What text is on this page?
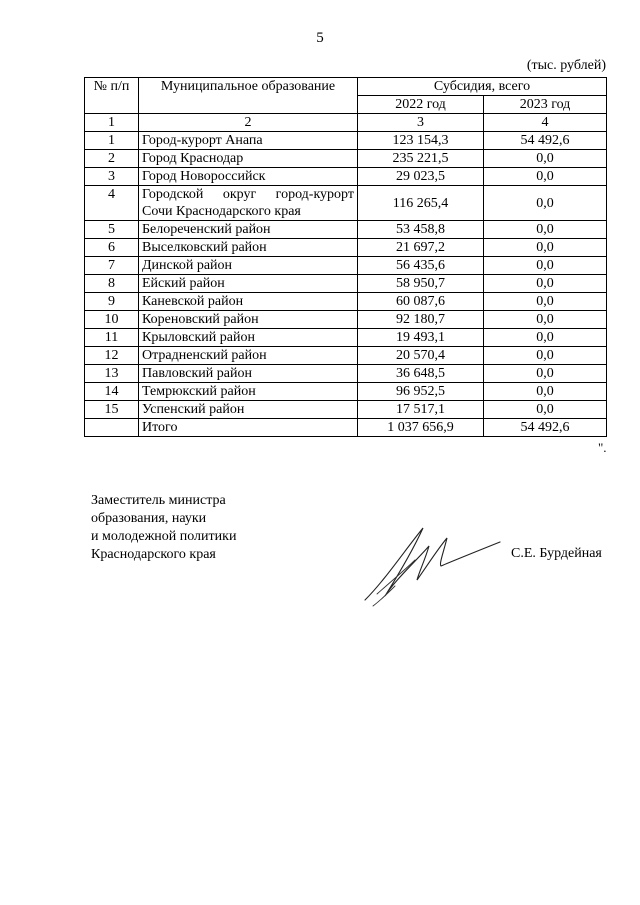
5
(тыс. рублей)
№ п/п	Муниципальное образование	Субсидия, всего	
		2022 год	2023 год
1	2	3	4
1	Город-курорт Анапа	123 154,3	54 492,6
2	Город Краснодар	235 221,5	0,0
3	Город Новороссийск	29 023,5	0,0
4	Городской округ город-курорт Сочи Краснодарского края	116 265,4	0,0
5	Белореченский район	53 458,8	0,0
6	Выселковский район	21 697,2	0,0
7	Динской район	56 435,6	0,0
8	Ейский район	58 950,7	0,0
9	Каневской район	60 087,6	0,0
10	Кореновский район	92 180,7	0,0
11	Крыловский район	19 493,1	0,0
12	Отрадненский район	20 570,4	0,0
13	Павловский район	36 648,5	0,0
14	Темрюкский район	96 952,5	0,0
15	Успенский район	17 517,1	0,0
	Итого	1 037 656,9	54 492,6
".
Заместитель министра
образования, науки
и молодежной политики
Краснодарского края	С.Е. Бурдейная
